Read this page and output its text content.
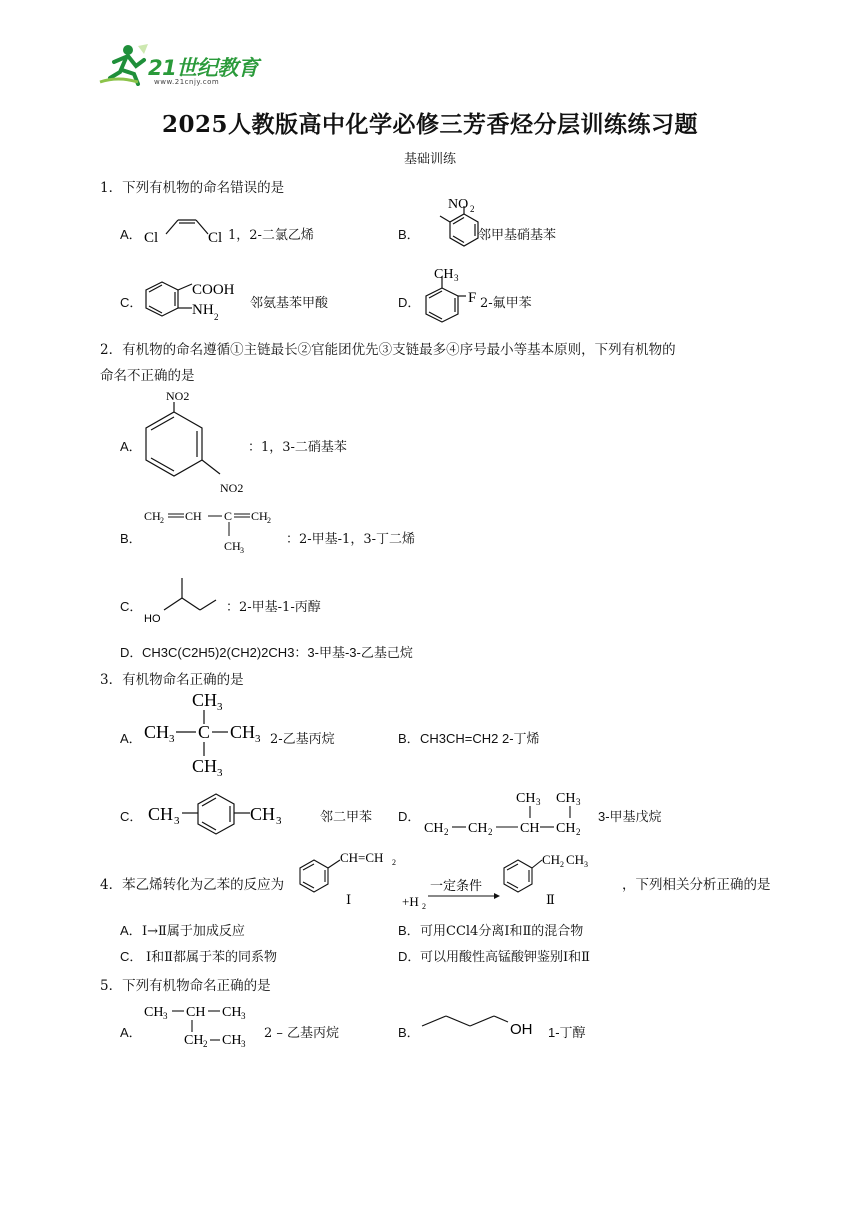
21世纪教育
www.21cnjy.com
2025人教版高中化学必修三芳香烃分层训练练习题
基础训练
1．下列有机物的命名错误的是
A． Cl	Cl 1，2-二氯乙烯	B．
NO 2
邻甲基硝基苯
C．
COOH
NH 2
邻氨基苯甲酸	D．
CH 3
F 2-氟甲苯
2．有机物的命名遵循①主链最长②官能团优先③支链最多④序号最小等基本原则，下列有机物的
命名不正确的是
A．
NO2
NO2
：1，3-二硝基苯
B．
CH 2 CH C CH 2
CH 3
：2-甲基-1，3-丁二烯
C．
HO
：2-甲基-1-丙醇
D． CH3C(C2H5)2(CH2)2CH3：3-甲基-3-乙基己烷
3．有机物命名正确的是
A．
CH 3
CH 3 C CH 3
CH 3
2-乙基丙烷	B． CH3CH=CH2 2-丁烯
C． CH 3	CH 3	邻二甲苯 D．
CH 3 CH 3
CH 2 CH 2 CH CH 2
3-甲基戊烷
4．苯乙烯转化为乙苯的反应为
CH=CH 2
Ⅰ	+H 2
一定条件
CH 2 CH 3
Ⅱ
，下列相关分析正确的是
A． Ⅰ→Ⅱ属于加成反应	B． 可用CCl4分离Ⅰ和Ⅱ的混合物
C． Ⅰ和Ⅱ都属于苯的同系物	D． 可以用酸性高锰酸钾鉴别Ⅰ和Ⅱ
5．下列有机物命名正确的是
A．
CH 3 CH CH 3
CH 2 CH 3
2 – 乙基丙烷	B．	OH 1-丁醇
